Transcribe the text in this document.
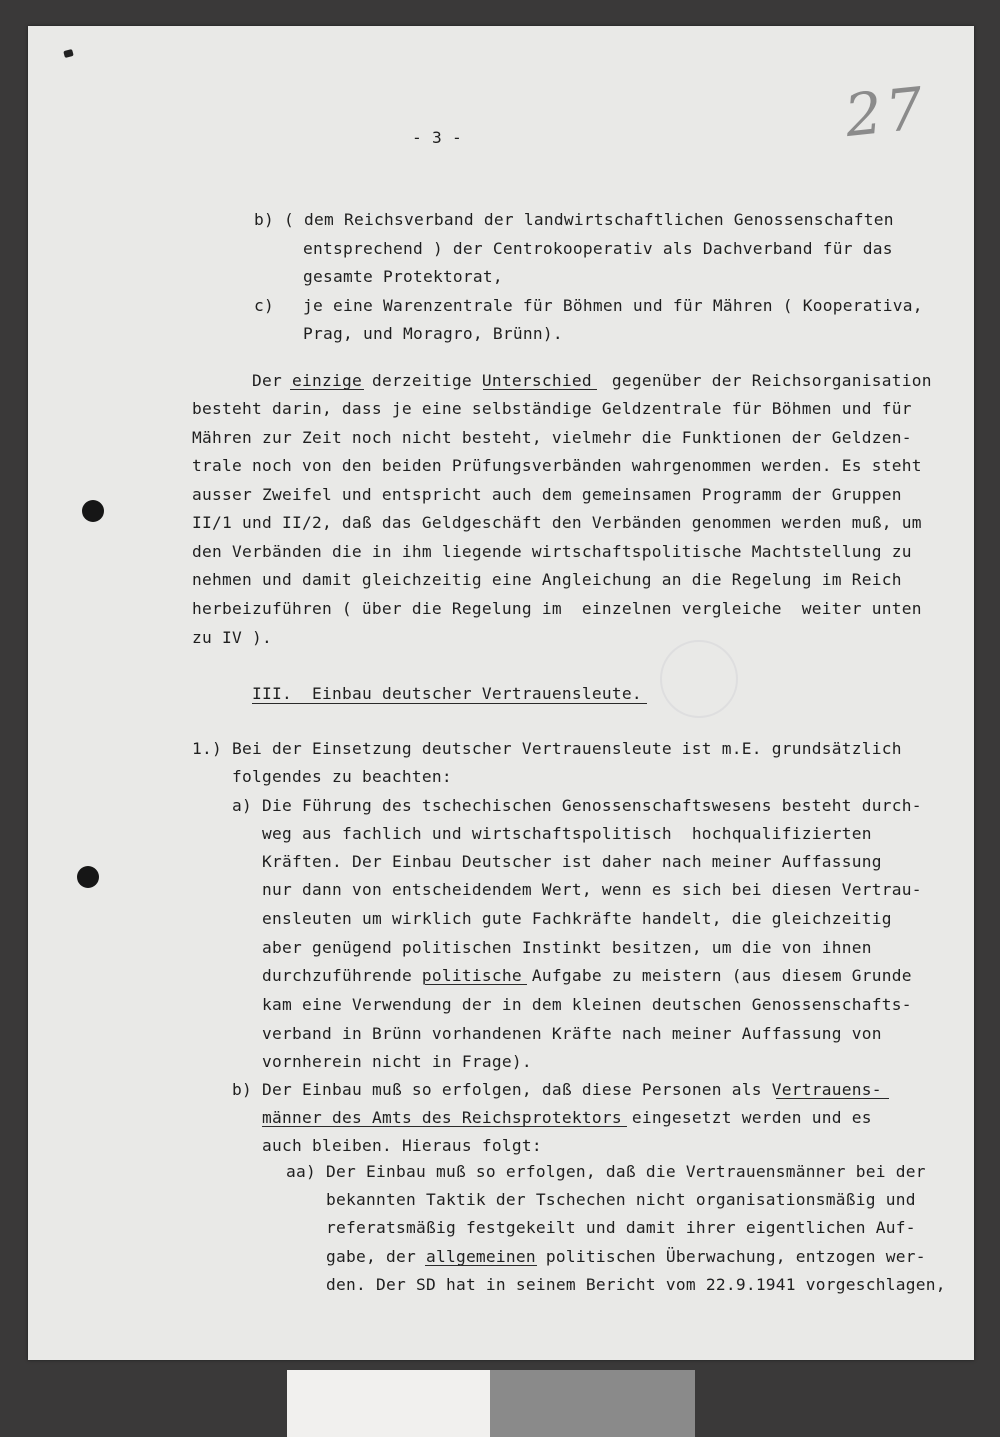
27

- 3 -

b) ( dem Reichsverband der landwirtschaftlichen Genossenschaften

entsprechend ) der Centrokooperativ als Dachverband für das

gesamte Protektorat,

c) je eine Warenzentrale für Böhmen und für Mähren ( Kooperativa,

Prag, und Moragro, Brünn).

Der einzige derzeitige Unterschied  gegenüber der Reichsorganisation

besteht darin, dass je eine selbständige Geldzentrale für Böhmen und für

Mähren zur Zeit noch nicht besteht, vielmehr die Funktionen der Geldzen-

trale noch von den beiden Prüfungsverbänden wahrgenommen werden. Es steht

ausser Zweifel und entspricht auch dem gemeinsamen Programm der Gruppen

II/1 und II/2, daß das Geldgeschäft den Verbänden genommen werden muß, um

den Verbänden die in ihm liegende wirtschaftspolitische Machtstellung zu

nehmen und damit gleichzeitig eine Angleichung an die Regelung im Reich

herbeizuführen ( über die Regelung im  einzelnen vergleiche  weiter unten

zu IV ).

III.  Einbau deutscher Vertrauensleute.

1.) Bei der Einsetzung deutscher Vertrauensleute ist m.E. grundsätzlich

folgendes zu beachten:

a) Die Führung des tschechischen Genossenschaftswesens besteht durch-

weg aus fachlich und wirtschaftspolitisch  hochqualifizierten

Kräften. Der Einbau Deutscher ist daher nach meiner Auffassung

nur dann von entscheidendem Wert, wenn es sich bei diesen Vertrau-

ensleuten um wirklich gute Fachkräfte handelt, die gleichzeitig

aber genügend politischen Instinkt besitzen, um die von ihnen

durchzuführende politische Aufgabe zu meistern (aus diesem Grunde

kam eine Verwendung der in dem kleinen deutschen Genossenschafts-

verband in Brünn vorhandenen Kräfte nach meiner Auffassung von

vornherein nicht in Frage).

b) Der Einbau muß so erfolgen, daß diese Personen als Vertrauens-

männer des Amts des Reichsprotektors eingesetzt werden und es

auch bleiben. Hieraus folgt:

aa) Der Einbau muß so erfolgen, daß die Vertrauensmänner bei der

bekannten Taktik der Tschechen nicht organisationsmäßig und

referatsmäßig festgekeilt und damit ihrer eigentlichen Auf-

gabe, der allgemeinen politischen Überwachung, entzogen wer-

den. Der SD hat in seinem Bericht vom 22.9.1941 vorgeschlagen,
